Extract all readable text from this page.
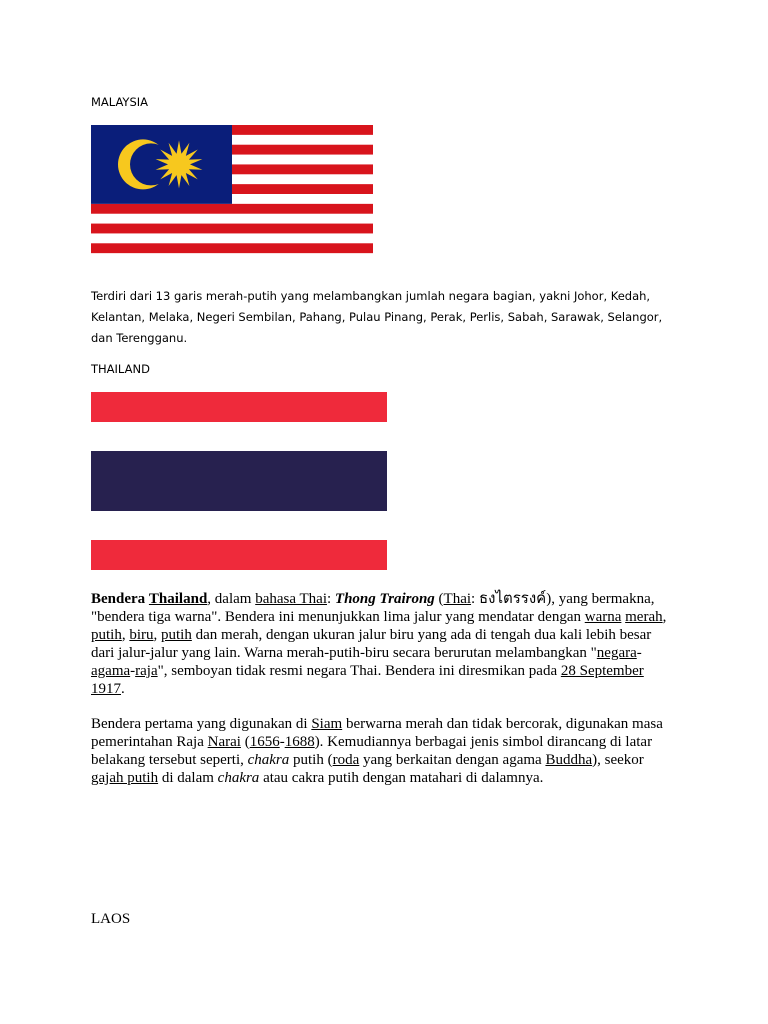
MALAYSIA
Terdiri dari 13 garis merah-putih yang melambangkan jumlah negara bagian, yakni Johor, Kedah, Kelantan, Melaka, Negeri Sembilan, Pahang, Pulau Pinang, Perak, Perlis, Sabah, Sarawak, Selangor, dan Terengganu.
THAILAND
Bendera Thailand, dalam bahasa Thai: Thong Trairong (Thai: ธงไตรรงค์), yang bermakna, "bendera tiga warna". Bendera ini menunjukkan lima jalur yang mendatar dengan warna merah, putih, biru, putih dan merah, dengan ukuran jalur biru yang ada di tengah dua kali lebih besar dari jalur-jalur yang lain. Warna merah-putih-biru secara berurutan melambangkan "negara-agama-raja", semboyan tidak resmi negara Thai. Bendera ini diresmikan pada 28 September 1917.
Bendera pertama yang digunakan di Siam berwarna merah dan tidak bercorak, digunakan masa pemerintahan Raja Narai (1656-1688). Kemudiannya berbagai jenis simbol dirancang di latar belakang tersebut seperti, chakra putih (roda yang berkaitan dengan agama Buddha), seekor gajah putih di dalam chakra atau cakra putih dengan matahari di dalamnya.
LAOS
